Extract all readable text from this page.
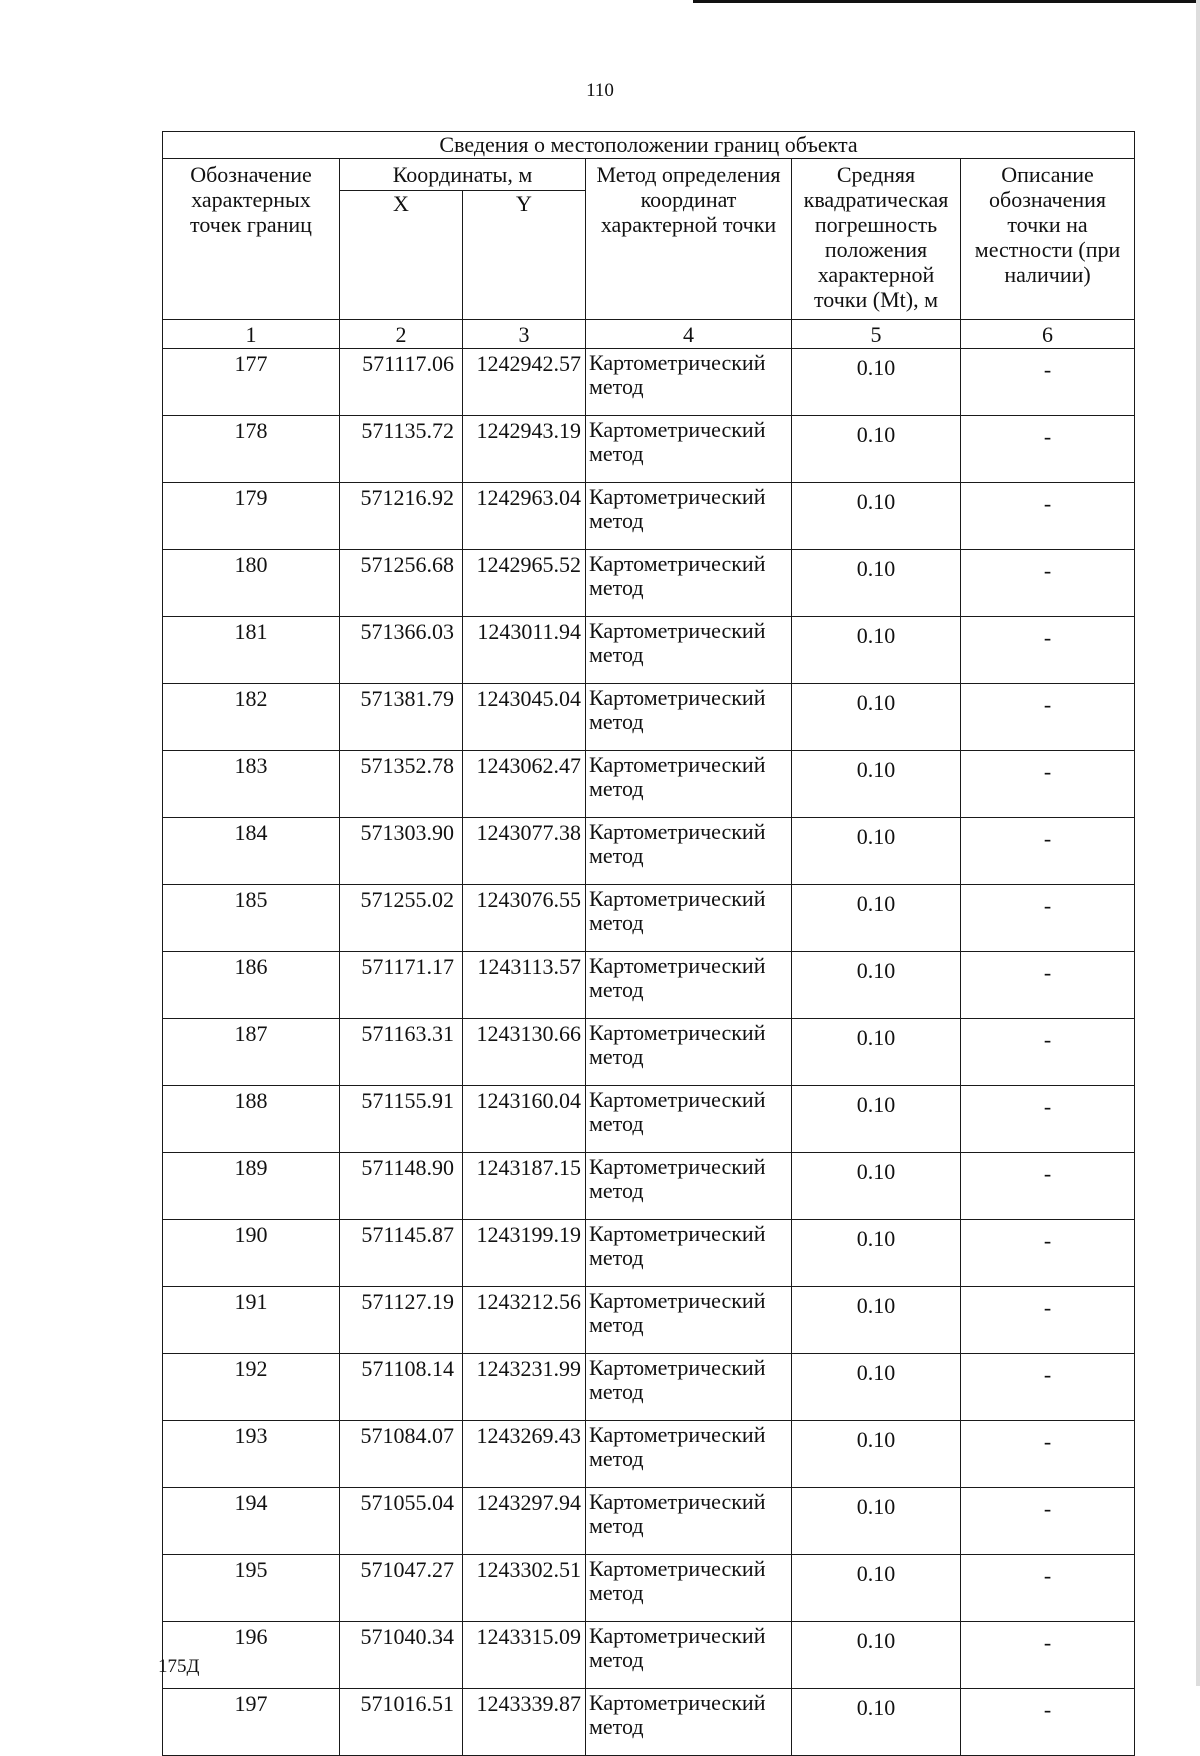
110
Сведения о местоположении границ объекта					
Обозначение характерных точек границ	Координаты, м		Метод определения координат характерной точки	Средняя квадратическая погрешность положения характерной точки (Mt), м	Описание обозначения точки на местности (при наличии)
	X	Y			
1	2	3	4	5	6
177	571117.06	1242942.57	Картометрический метод	0.10	-
178	571135.72	1242943.19	Картометрический метод	0.10	-
179	571216.92	1242963.04	Картометрический метод	0.10	-
180	571256.68	1242965.52	Картометрический метод	0.10	-
181	571366.03	1243011.94	Картометрический метод	0.10	-
182	571381.79	1243045.04	Картометрический метод	0.10	-
183	571352.78	1243062.47	Картометрический метод	0.10	-
184	571303.90	1243077.38	Картометрический метод	0.10	-
185	571255.02	1243076.55	Картометрический метод	0.10	-
186	571171.17	1243113.57	Картометрический метод	0.10	-
187	571163.31	1243130.66	Картометрический метод	0.10	-
188	571155.91	1243160.04	Картометрический метод	0.10	-
189	571148.90	1243187.15	Картометрический метод	0.10	-
190	571145.87	1243199.19	Картометрический метод	0.10	-
191	571127.19	1243212.56	Картометрический метод	0.10	-
192	571108.14	1243231.99	Картометрический метод	0.10	-
193	571084.07	1243269.43	Картометрический метод	0.10	-
194	571055.04	1243297.94	Картометрический метод	0.10	-
195	571047.27	1243302.51	Картометрический метод	0.10	-
196	571040.34	1243315.09	Картометрический метод	0.10	-
197	571016.51	1243339.87	Картометрический метод	0.10	-
175Д
